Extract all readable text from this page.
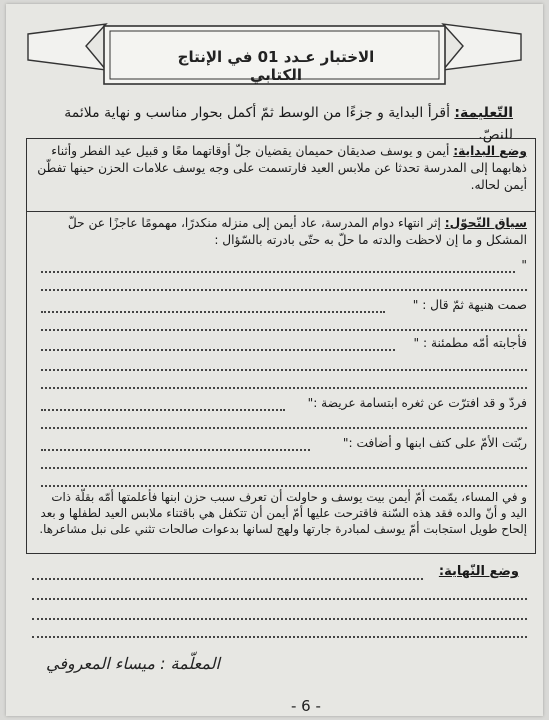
الاختبار عـدد 01 في الإنتاج الكتابي
التّعليمة: أقرأ البداية و جزءًا من الوسط ثمّ أكمل بحوار مناسب و نهاية ملائمة للنصّ.
وضع البداية: أيمن و يوسف صديقان حميمان يقضيان جلّ أوقاتهما معًا و قبيل عيد الفطر وأثناء ذهابهما إلى المدرسة تحدثا عن ملابس العيد فارتسمت على وجه يوسف علامات الحزن حينها تفطّن أيمن لحاله.
سياق التّحوّل: إثر انتهاء دوام المدرسة، عاد أيمن إلى منزله منكدرًا، مهمومًا عاجزًا عن حلّ المشكل و ما إن لاحظت والدته ما حلّ به حتّى بادرته بالسّؤال :
"
صمت هنيهة ثمّ قال : "
فأجابته أمّه مطمئنة : "
فردّ و قد افترّت عن ثغره ابتسامة عريضة :"
ربّتت الأمّ على كتف ابنها و أضافت :"
و في المساء، يمّمت أمّ أيمن بيت يوسف و حاولت أن تعرف سبب حزن ابنها فأعلمتها أمّه بقلّة ذات اليد و أنّ والده فقد هذه السّنة فاقترحت عليها أمّ أيمن أن تتكفل هي باقتناء ملابس العيد لطفلها و بعد إلحاح طويل استجابت أمّ يوسف لمبادرة جارتها ولهج لسانها بدعوات صالحات تثني على نبل مشاعرها.
وضع النّهاية:
المعلّمة : ميساء المعروفي
- 6 -
